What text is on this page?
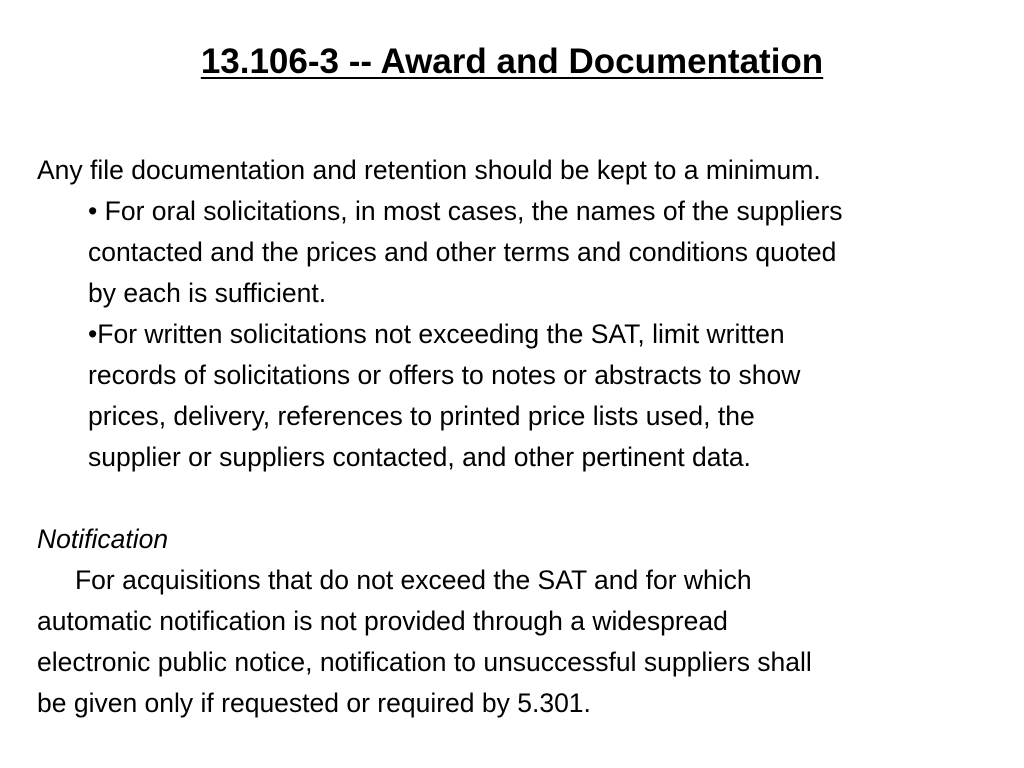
13.106-3 -- Award and Documentation

Any file documentation and retention should be kept to a minimum.

• For oral solicitations, in most cases, the names of the suppliers

contacted and the prices and other terms and conditions quoted

by each is sufficient.

•For written solicitations not exceeding the SAT, limit written

records of solicitations or offers to notes or abstracts to show

prices, delivery, references to printed price lists used, the

supplier or suppliers contacted, and other pertinent data.

Notification

For acquisitions that do not exceed the SAT and for which

automatic notification is not provided through a widespread

electronic public notice, notification to unsuccessful suppliers shall

be given only if requested or required by 5.301.
